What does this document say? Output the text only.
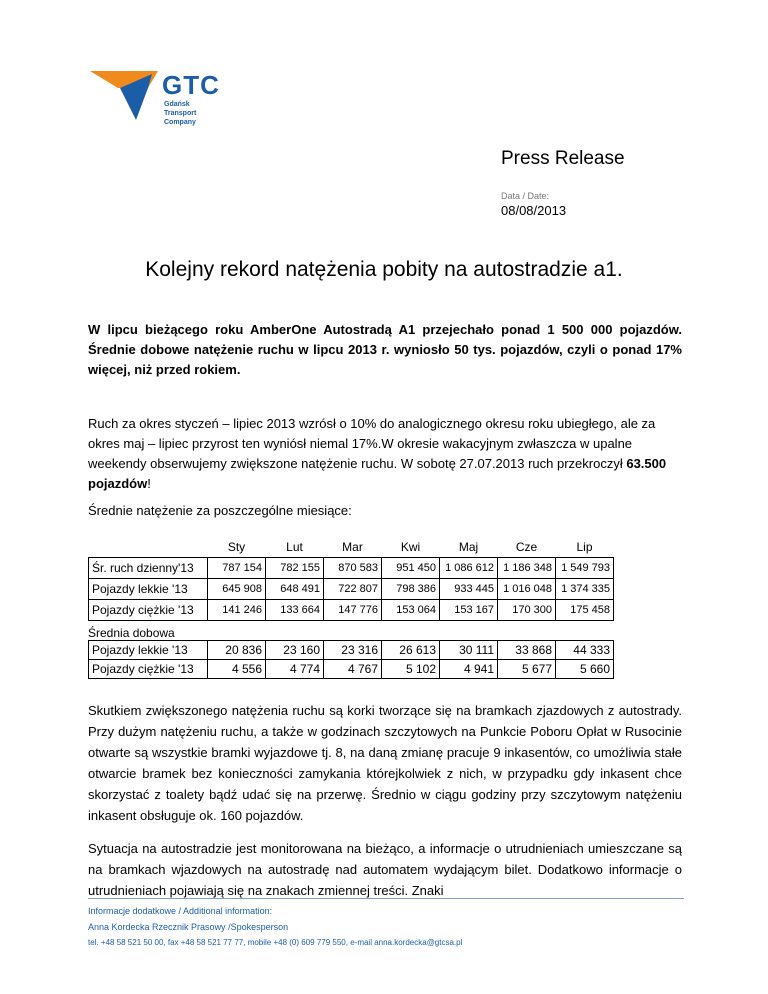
GTC
Gdańsk
Transport
Company
Press Release
Data / Date:
08/08/2013
Kolejny rekord natężenia pobity na autostradzie a1.
W lipcu bieżącego roku AmberOne Autostradą A1 przejechało ponad 1 500 000 pojazdów. Średnie dobowe natężenie ruchu w lipcu 2013 r. wyniosło 50 tys. pojazdów, czyli o ponad 17% więcej, niż przed rokiem.
Ruch za okres styczeń – lipiec 2013 wzrósł o 10% do analogicznego okresu roku ubiegłego, ale za okres maj – lipiec przyrost ten wyniósł niemal 17%.W okresie wakacyjnym zwłaszcza w upalne weekendy obserwujemy zwiększone natężenie ruchu. W sobotę 27.07.2013 ruch przekroczył 63.500 pojazdów!
Średnie natężenie za poszczególne miesiące:
	Sty	Lut	Mar	Kwi	Maj	Cze	Lip
Śr. ruch dzienny'13	787 154	782 155	870 583	951 450	1 086 612	1 186 348	1 549 793
Pojazdy lekkie '13	645 908	648 491	722 807	798 386	933 445	1 016 048	1 374 335
Pojazdy ciężkie '13	141 246	133 664	147 776	153 064	153 167	170 300	175 458
Średnia dobowa
Pojazdy lekkie '13	20 836	23 160	23 316	26 613	30 111	33 868	44 333
Pojazdy ciężkie '13	4 556	4 774	4 767	5 102	4 941	5 677	5 660
Skutkiem zwiększonego natężenia ruchu są korki tworzące się na bramkach zjazdowych z autostrady. Przy dużym natężeniu ruchu, a także w godzinach szczytowych na Punkcie Poboru Opłat w Rusocinie otwarte są wszystkie bramki wyjazdowe tj. 8, na daną zmianę pracuje 9 inkasentów, co umożliwia stałe otwarcie bramek bez konieczności zamykania którejkolwiek z nich, w przypadku gdy inkasent chce skorzystać z toalety bądź udać się na przerwę. Średnio w ciągu godziny przy szczytowym natężeniu inkasent obsługuje ok. 160 pojazdów.
Sytuacja na autostradzie jest monitorowana na bieżąco, a informacje o utrudnieniach umieszczane są na bramkach wjazdowych na autostradę nad automatem wydającym bilet. Dodatkowo informacje o utrudnieniach pojawiają się na znakach zmiennej treści. Znaki
Informacje dodatkowe / Additional information:
Anna Kordecka Rzecznik Prasowy /Spokesperson
tel. +48 58 521 50 00, fax +48 58 521 77 77, mobile +48 (0) 609 779 550, e-mail anna.kordecka@gtcsa.pl
